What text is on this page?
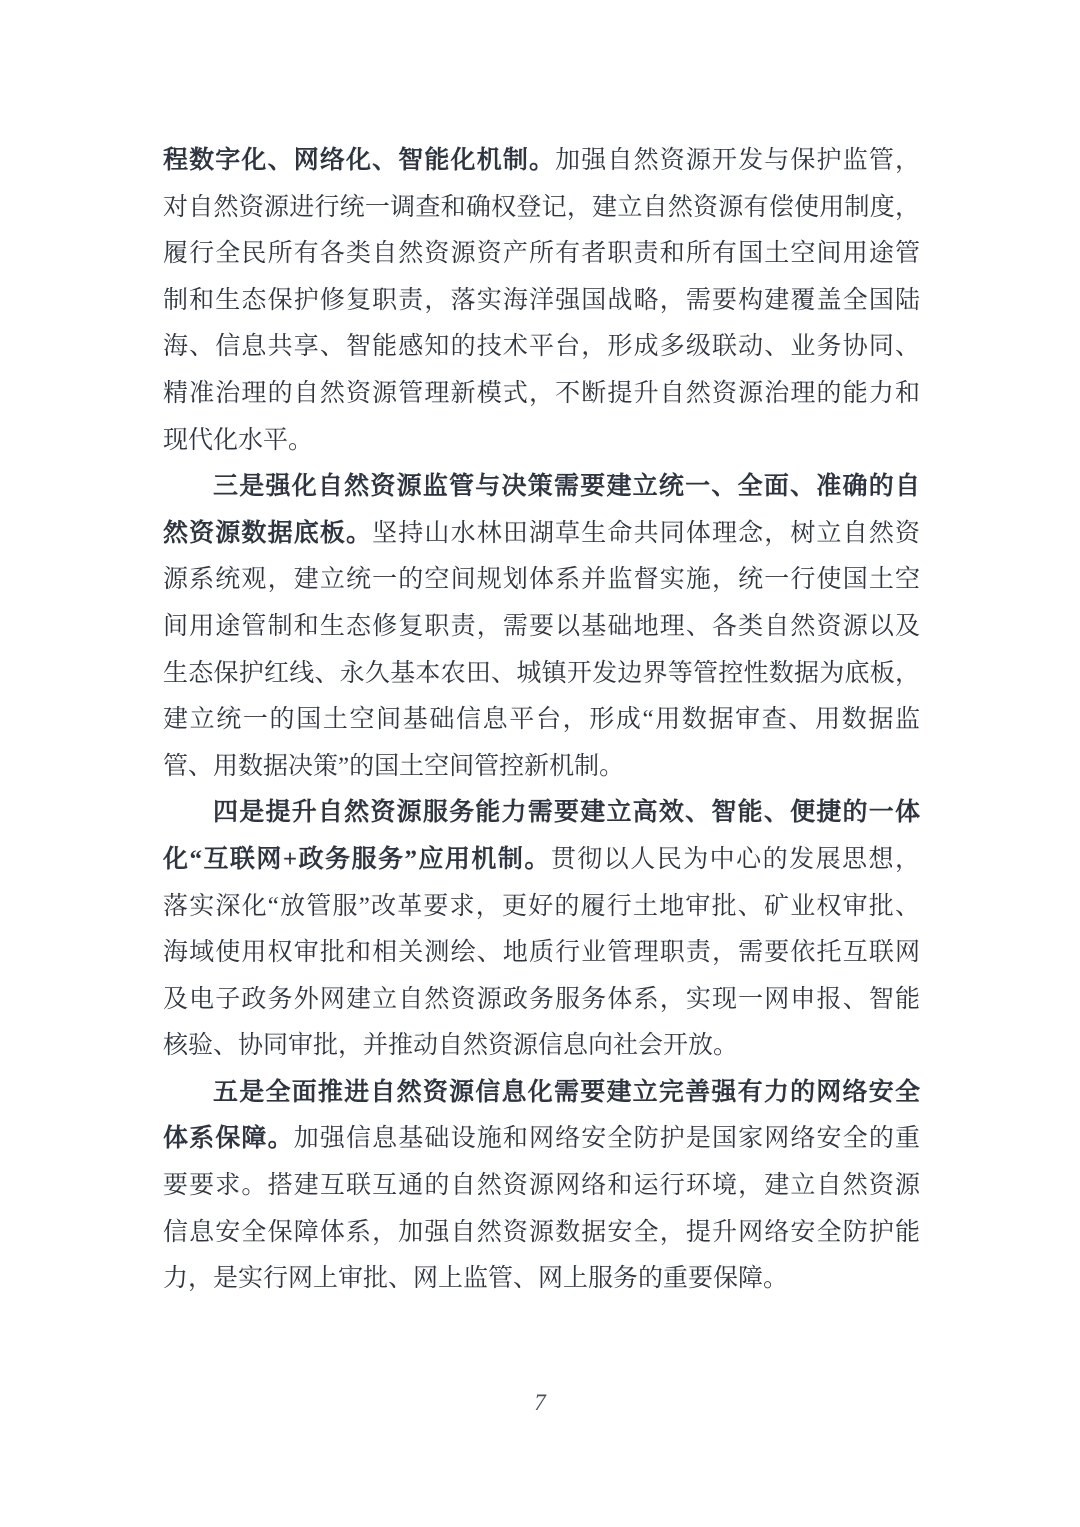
程数字化、网络化、智能化机制。加强自然资源开发与保护监管，
对自然资源进行统一调查和确权登记，建立自然资源有偿使用制度，
履行全民所有各类自然资源资产所有者职责和所有国土空间用途管
制和生态保护修复职责，落实海洋强国战略，需要构建覆盖全国陆
海、信息共享、智能感知的技术平台，形成多级联动、业务协同、
精准治理的自然资源管理新模式，不断提升自然资源治理的能力和
现代化水平。
三是强化自然资源监管与决策需要建立统一、全面、准确的自
然资源数据底板。坚持山水林田湖草生命共同体理念，树立自然资
源系统观，建立统一的空间规划体系并监督实施，统一行使国土空
间用途管制和生态修复职责，需要以基础地理、各类自然资源以及
生态保护红线、永久基本农田、城镇开发边界等管控性数据为底板，
建立统一的国土空间基础信息平台，形成“用数据审查、用数据监
管、用数据决策”的国土空间管控新机制。
四是提升自然资源服务能力需要建立高效、智能、便捷的一体
化“互联网+政务服务”应用机制。贯彻以人民为中心的发展思想，
落实深化“放管服”改革要求，更好的履行土地审批、矿业权审批、
海域使用权审批和相关测绘、地质行业管理职责，需要依托互联网
及电子政务外网建立自然资源政务服务体系，实现一网申报、智能
核验、协同审批，并推动自然资源信息向社会开放。
五是全面推进自然资源信息化需要建立完善强有力的网络安全
体系保障。加强信息基础设施和网络安全防护是国家网络安全的重
要要求。搭建互联互通的自然资源网络和运行环境，建立自然资源
信息安全保障体系，加强自然资源数据安全，提升网络安全防护能
力，是实行网上审批、网上监管、网上服务的重要保障。
7
